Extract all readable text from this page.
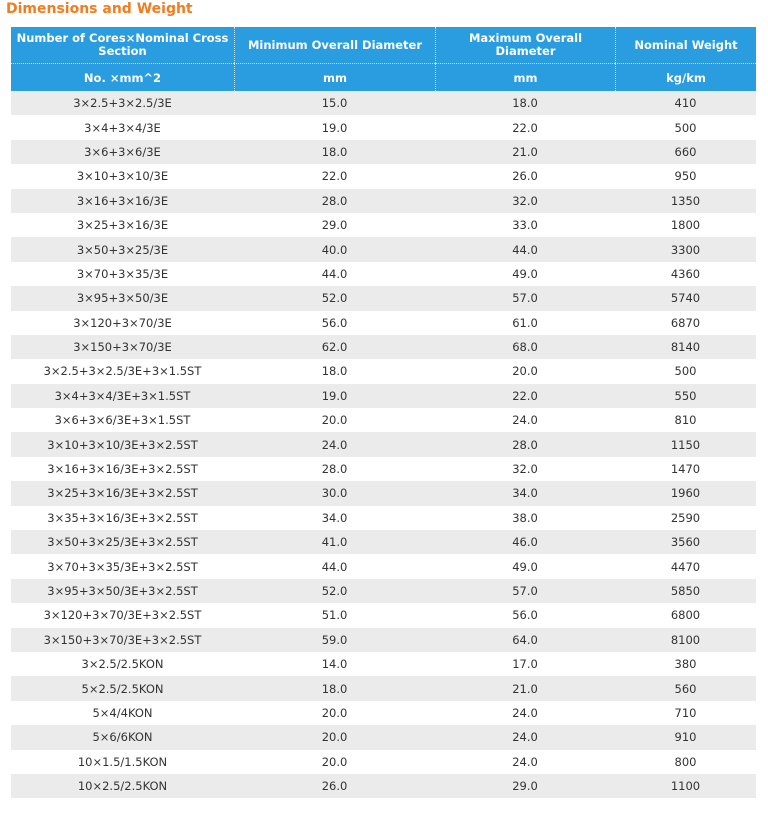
Dimensions and Weight
Number of Cores×Nominal Cross Section	Minimum Overall Diameter	Maximum Overall Diameter	Nominal Weight
No. ×mm^2	mm	mm	kg/km
3×2.5+3×2.5/3E	15.0	18.0	410
3×4+3×4/3E	19.0	22.0	500
3×6+3×6/3E	18.0	21.0	660
3×10+3×10/3E	22.0	26.0	950
3×16+3×16/3E	28.0	32.0	1350
3×25+3×16/3E	29.0	33.0	1800
3×50+3×25/3E	40.0	44.0	3300
3×70+3×35/3E	44.0	49.0	4360
3×95+3×50/3E	52.0	57.0	5740
3×120+3×70/3E	56.0	61.0	6870
3×150+3×70/3E	62.0	68.0	8140
3×2.5+3×2.5/3E+3×1.5ST	18.0	20.0	500
3×4+3×4/3E+3×1.5ST	19.0	22.0	550
3×6+3×6/3E+3×1.5ST	20.0	24.0	810
3×10+3×10/3E+3×2.5ST	24.0	28.0	1150
3×16+3×16/3E+3×2.5ST	28.0	32.0	1470
3×25+3×16/3E+3×2.5ST	30.0	34.0	1960
3×35+3×16/3E+3×2.5ST	34.0	38.0	2590
3×50+3×25/3E+3×2.5ST	41.0	46.0	3560
3×70+3×35/3E+3×2.5ST	44.0	49.0	4470
3×95+3×50/3E+3×2.5ST	52.0	57.0	5850
3×120+3×70/3E+3×2.5ST	51.0	56.0	6800
3×150+3×70/3E+3×2.5ST	59.0	64.0	8100
3×2.5/2.5KON	14.0	17.0	380
5×2.5/2.5KON	18.0	21.0	560
5×4/4KON	20.0	24.0	710
5×6/6KON	20.0	24.0	910
10×1.5/1.5KON	20.0	24.0	800
10×2.5/2.5KON	26.0	29.0	1100
